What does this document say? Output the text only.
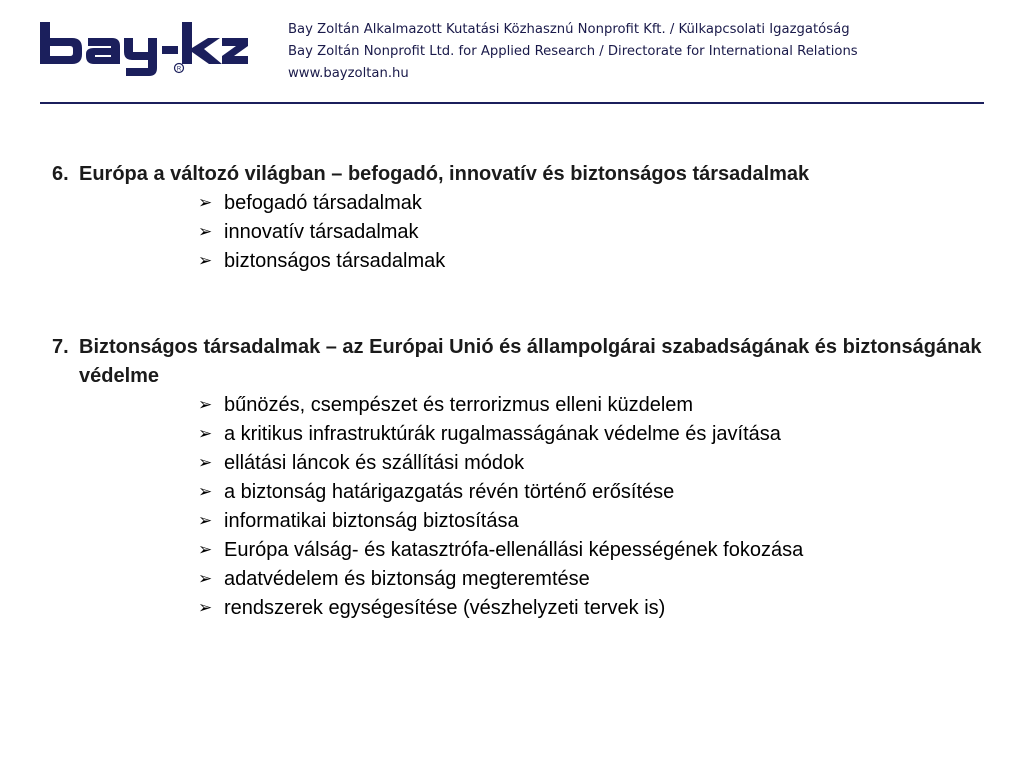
R
Bay Zoltán Alkalmazott Kutatási Közhasznú Nonprofit Kft. / Külkapcsolati Igazgatóság
Bay Zoltán Nonprofit Ltd. for Applied Research / Directorate for International Relations
www.bayzoltan.hu
6. Európa a változó világban – befogadó, innovatív és biztonságos társadalmak
➢ befogadó társadalmak
➢ innovatív társadalmak
➢ biztonságos társadalmak
7. Biztonságos társadalmak – az Európai Unió és állampolgárai szabadságának és biztonságának védelme
➢ bűnözés, csempészet és terrorizmus elleni küzdelem
➢ a kritikus infrastruktúrák rugalmasságának védelme és javítása
➢ ellátási láncok és szállítási módok
➢ a biztonság határigazgatás révén történő erősítése
➢ informatikai biztonság biztosítása
➢ Európa válság- és katasztrófa-ellenállási képességének fokozása
➢ adatvédelem és biztonság megteremtése
➢ rendszerek egységesítése (vészhelyzeti tervek is)
